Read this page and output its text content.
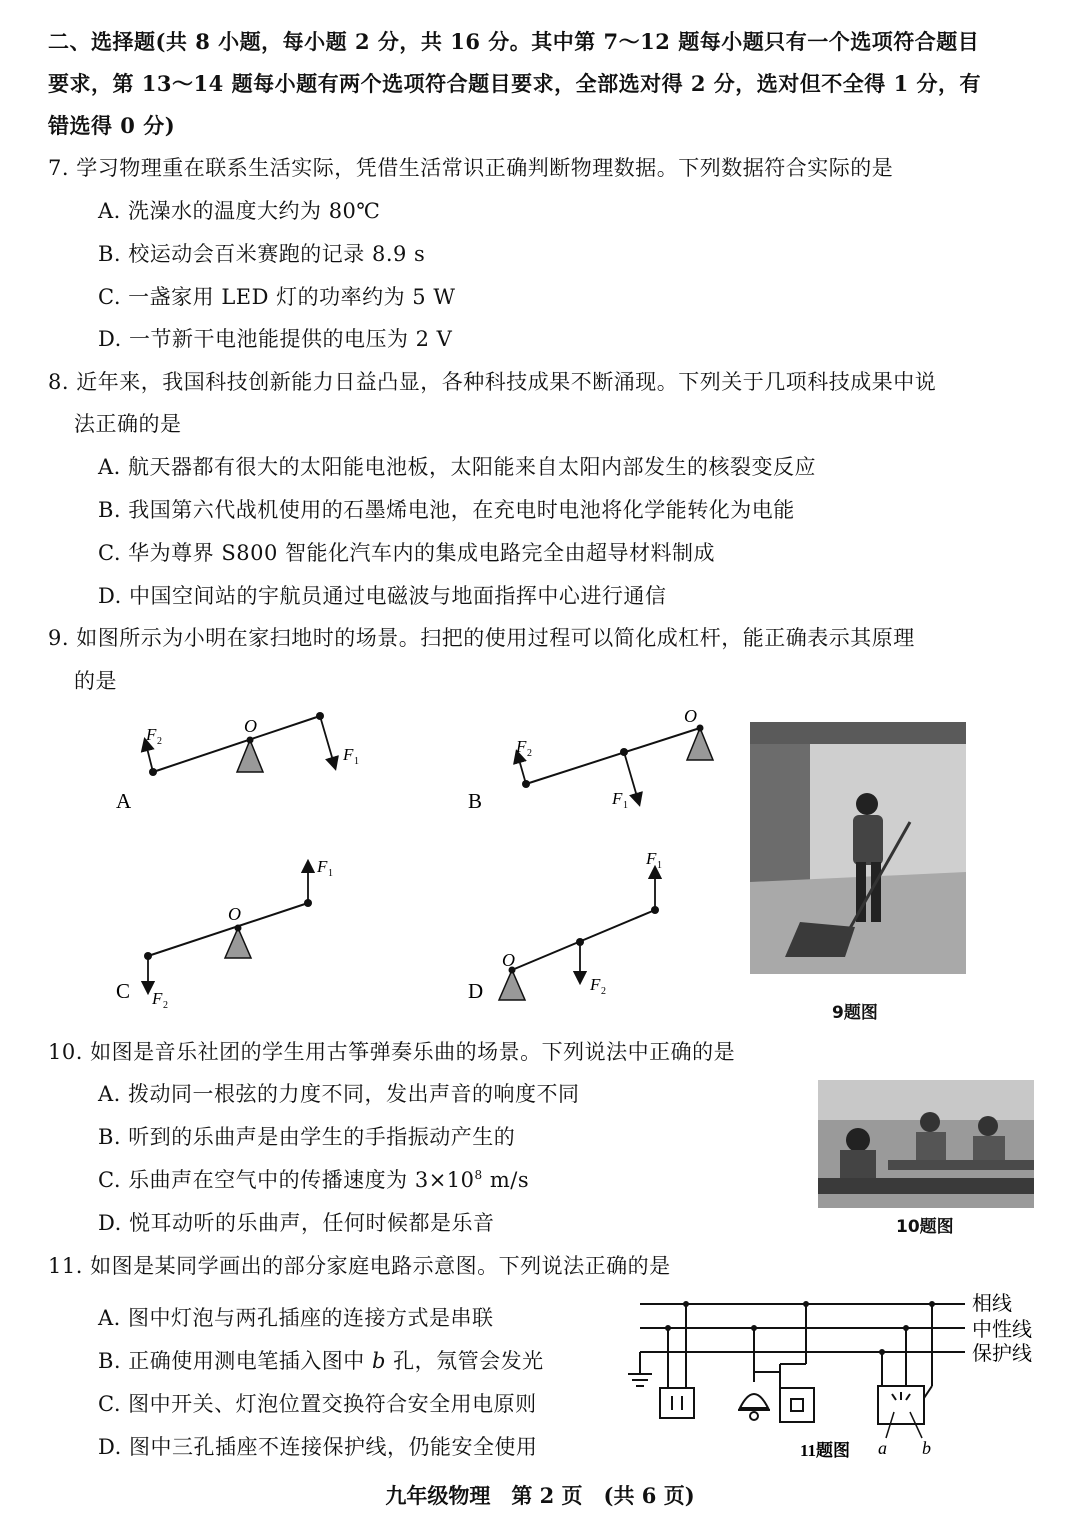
二、选择题(共 8 小题，每小题 2 分，共 16 分。其中第 7～12 题每小题只有一个选项符合题目
要求，第 13～14 题每小题有两个选项符合题目要求，全部选对得 2 分，选对但不全得 1 分，有
错选得 0 分)
7. 学习物理重在联系生活实际，凭借生活常识正确判断物理数据。下列数据符合实际的是
A. 洗澡水的温度大约为 80℃
B. 校运动会百米赛跑的记录 8.9 s
C. 一盏家用 LED 灯的功率约为 5 W
D. 一节新干电池能提供的电压为 2 V
8. 近年来，我国科技创新能力日益凸显，各种科技成果不断涌现。下列关于几项科技成果中说
法正确的是
A. 航天器都有很大的太阳能电池板，太阳能来自太阳内部发生的核裂变反应
B. 我国第六代战机使用的石墨烯电池，在充电时电池将化学能转化为电能
C. 华为尊界 S800 智能化汽车内的集成电路完全由超导材料制成
D. 中国空间站的宇航员通过电磁波与地面指挥中心进行通信
9. 如图所示为小明在家扫地时的场景。扫把的使用过程可以简化成杠杆，能正确表示其原理
的是
O
F 2
F 1
A
O
F 2
F 1
B
O
F 2
F 1
C
O
F 2
F 1
D
9题图
10. 如图是音乐社团的学生用古筝弹奏乐曲的场景。下列说法中正确的是
A. 拨动同一根弦的力度不同，发出声音的响度不同
B. 听到的乐曲声是由学生的手指振动产生的
C. 乐曲声在空气中的传播速度为 $3\times 10^8$ m/s
D. 悦耳动听的乐曲声，任何时候都是乐音	10题图
11. 如图是某同学画出的部分家庭电路示意图。下列说法正确的是
A. 图中灯泡与两孔插座的连接方式是串联
B. 正确使用测电笔插入图中 b 孔，氖管会发光
C. 图中开关、灯泡位置交换符合安全用电原则
D. 图中三孔插座不连接保护线，仍能安全使用
相线
中性线
保护线
a b
11题图
九年级物理　第 2 页　(共 6 页)
